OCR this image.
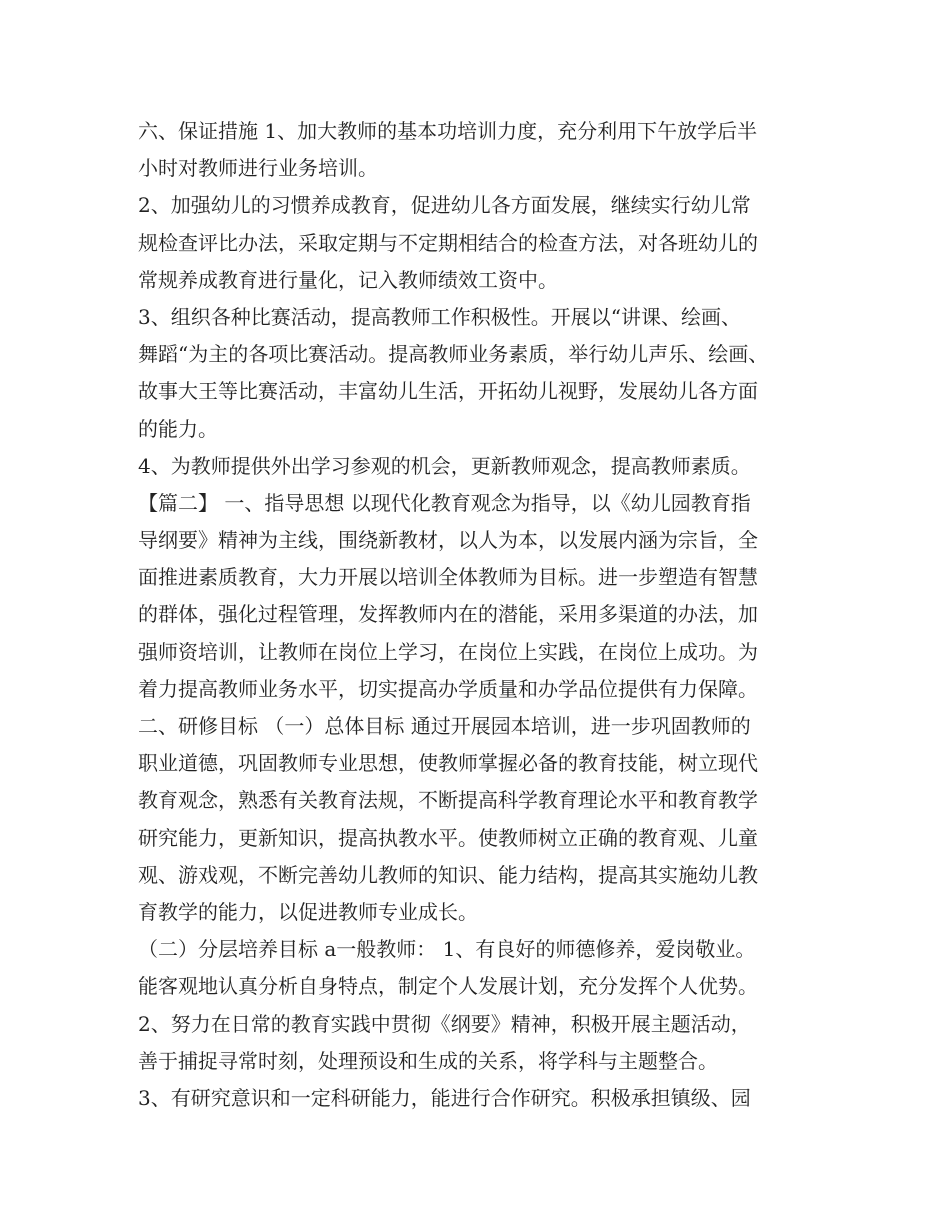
六、保证措施 1、加大教师的基本功培训力度，充分利用下午放学后半
小时对教师进行业务培训。
2、加强幼儿的习惯养成教育，促进幼儿各方面发展，继续实行幼儿常
规检查评比办法，采取定期与不定期相结合的检查方法，对各班幼儿的
常规养成教育进行量化，记入教师绩效工资中。
3、组织各种比赛活动，提高教师工作积极性。开展以“讲课、绘画、
舞蹈“为主的各项比赛活动。提高教师业务素质，举行幼儿声乐、绘画、
故事大王等比赛活动，丰富幼儿生活，开拓幼儿视野，发展幼儿各方面
的能力。
4、为教师提供外出学习参观的机会，更新教师观念，提高教师素质。
【篇二】 一、指导思想 以现代化教育观念为指导，以《幼儿园教育指
导纲要》精神为主线，围绕新教材，以人为本，以发展内涵为宗旨，全
面推进素质教育，大力开展以培训全体教师为目标。进一步塑造有智慧
的群体，强化过程管理，发挥教师内在的潜能，采用多渠道的办法，加
强师资培训，让教师在岗位上学习，在岗位上实践，在岗位上成功。为
着力提高教师业务水平，切实提高办学质量和办学品位提供有力保障。
二、研修目标 （一）总体目标 通过开展园本培训，进一步巩固教师的
职业道德，巩固教师专业思想，使教师掌握必备的教育技能，树立现代
教育观念，熟悉有关教育法规，不断提高科学教育理论水平和教育教学
研究能力，更新知识，提高执教水平。使教师树立正确的教育观、儿童
观、游戏观，不断完善幼儿教师的知识、能力结构，提高其实施幼儿教
育教学的能力，以促进教师专业成长。
（二）分层培养目标 a一般教师： 1、有良好的师德修养，爱岗敬业。
能客观地认真分析自身特点，制定个人发展计划，充分发挥个人优势。
2、努力在日常的教育实践中贯彻《纲要》精神，积极开展主题活动，
善于捕捉寻常时刻，处理预设和生成的关系，将学科与主题整合。
3、有研究意识和一定科研能力，能进行合作研究。积极承担镇级、园
